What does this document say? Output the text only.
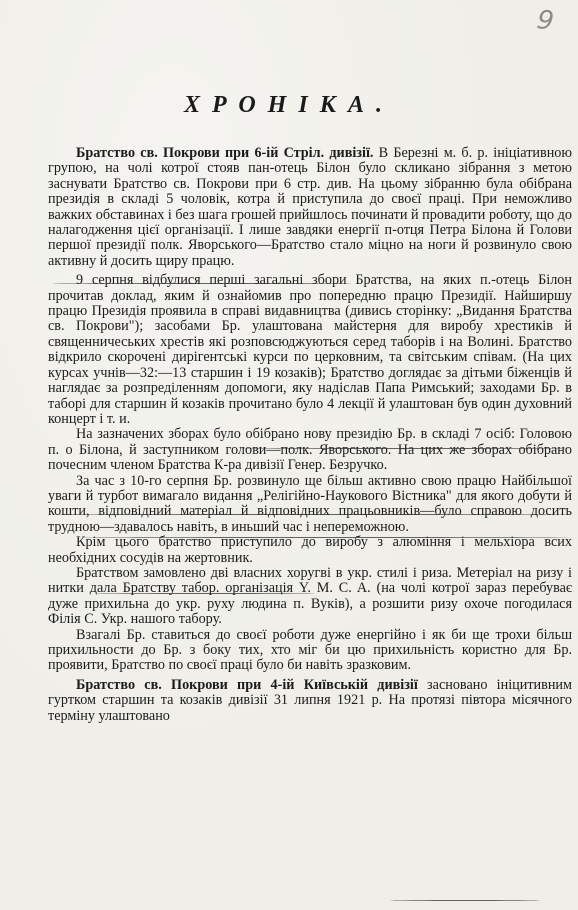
9
ХРОНІКА.

Братство св. Покрови при 6-ій Стріл. дивізії. В Березні м. б. р. ініціативною групою, на чолі котрої стояв пан-отець Білон було скликано зібрання з метою заснувати Братство св. Покрови при 6 стр. див. На цьому зібранню була обібрана президія в складі 5 чоловік, котра й приступила до своєї праці. При неможливо важких обставинах і без шага грошей прийшлось починати й провадити роботу, що до налагодження цієї організації. І лише завдяки енергії п-отця Петра Білона й Голови першої президії полк. Яворського—Братство стало міцно на ноги й розвинуло свою активну й досить щиру працю.

9 серпня відбулися перші загальні збори Братства, на яких п.-отець Білон прочитав доклад, яким й ознайомив про попередню працю Президії. Найширшу працю Президія проявила в справі видавництва (дивись сторінку: „Видання Братства св. Покрови"); засобами Бр. улаштована майстерня для виробу хрестиків й священничеських хрестів які розповсюджуються серед таборів і на Волині. Братство відкрило скорочені дирігентські курси по церковним, та світським співам. (На цих курсах учнів—32:—13 старшин і 19 козаків); Братство доглядає за дітьми біженців й наглядає за розпреділенням допомоги, яку надіслав Папа Римський; заходами Бр. в таборі для старшин й козаків прочитано було 4 лекції й улаштован був один духовний концерт і т. и.

На зазначених зборах було обібрано нову президію Бр. в складі 7 осіб: Головою п. о Білона, й заступником голови—полк. Яворського. На цих же зборах обібрано почесним членом Братства К-ра дивізії Генер. Безручко.

За час з 10-го серпня Бр. розвинуло ще більш активно свою працю Найбільшої уваги й турбот вимагало видання „Релігійно-Наукового Вістника" для якого добути й кошти, відповідний матеріал й відповідних працьовників—було справою досить трудною—здавалось навіть, в иньший час і непереможною.

Крім цього братство приступило до виробу з алюміння і мельхіора всих необхідних сосудів на жертовник.

Братством замовлено дві власних хоругві в укр. стилі і риза. Метеріал на ризу і нитки дала Братству табор. організація Y. M. C. A. (на чолі котрої зараз перебуває дуже прихильна до укр. руху людина п. Вуків), а розшити ризу охоче погодилася Філія С. Укр. нашого табору.

Взагалі Бр. ставиться до своєї роботи дуже енергійно і як би ще трохи більш прихильности до Бр. з боку тих, хто міг би цю прихильність користно для Бр. проявити, Братство по своєї праці було би навіть зразковим.

Братство св. Покрови при 4-ій Київській дивізії засновано ініцитивним гуртком старшин та козаків дивізії 31 липня 1921 р. На протязі півтора місячного терміну улаштовано
